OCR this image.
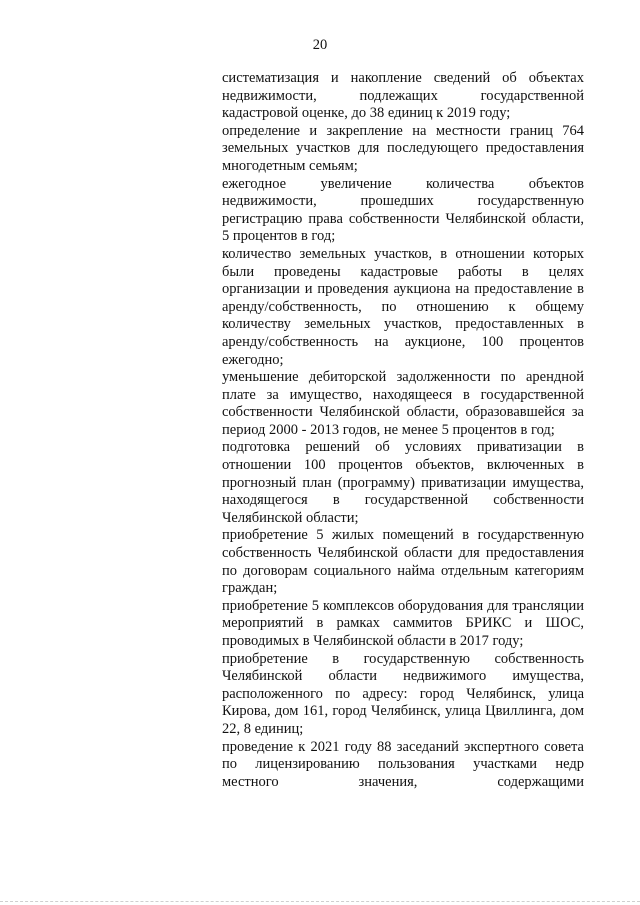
20

систематизация и накопление сведений об объектах недвижимости, подлежащих государственной кадастровой оценке, до 38 единиц к 2019 году;

определение и закрепление на местности границ 764 земельных участков для последующего предоставления многодетным семьям;

ежегодное увеличение количества объектов недвижимости, прошедших государственную регистрацию права собственности Челябинской области, 5 процентов в год;

количество земельных участков, в отношении которых были проведены кадастровые работы в целях организации и проведения аукциона на предоставление в аренду/собственность, по отношению к общему количеству земельных участков, предоставленных в аренду/собственность на аукционе, 100 процентов ежегодно;

уменьшение дебиторской задолженности по арендной плате за имущество, находящееся в государственной собственности Челябинской области, образовавшейся за период 2000 - 2013 годов, не менее 5 процентов в год;

подготовка решений об условиях приватизации в отношении 100 процентов объектов, включенных в прогнозный план (программу) приватизации имущества, находящегося в государственной собственности Челябинской области;

приобретение 5 жилых помещений в государственную собственность Челябинской области для предоставления по договорам социального найма отдельным категориям граждан;

приобретение 5 комплексов оборудования для трансляции мероприятий в рамках саммитов БРИКС и ШОС, проводимых в Челябинской области в 2017 году;

приобретение в государственную собственность Челябинской области недвижимого имущества, расположенного по адресу: город Челябинск, улица Кирова, дом 161, город Челябинск, улица Цвиллинга, дом 22, 8 единиц;

проведение к 2021 году 88 заседаний экспертного совета по лицензированию пользования участками недр местного значения, содержащими
